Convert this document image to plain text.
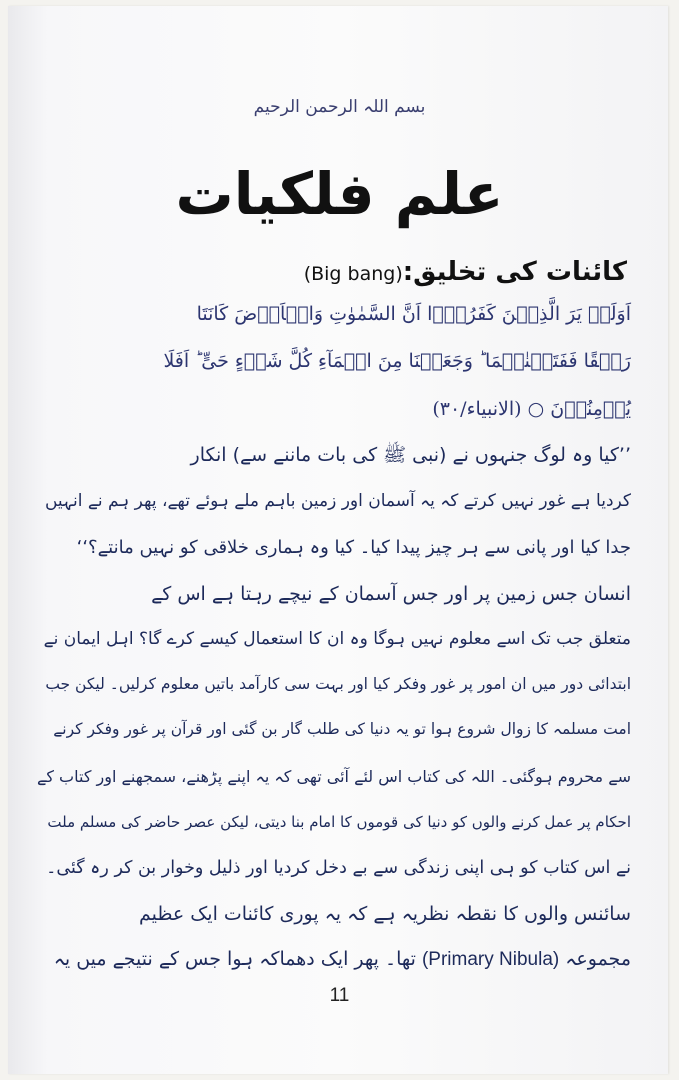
بسم اللہ الرحمن الرحیم
علم فلکیات
کائنات کی تخلیق:(Big bang)
اَوَلَمۡ یَرَ الَّذِیۡنَ کَفَرُوۡۤا اَنَّ السَّمٰوٰتِ وَالۡاَرۡضَ کَانَتَا
رَتۡقًا فَفَتَقۡنٰہُمَا ؕ وَجَعَلۡنَا مِنَ الۡمَآءِ کُلَّ شَیۡءٍ حَیٍّ ؕ اَفَلَا
یُؤۡمِنُوۡنَ ○ (الانبیاء/۳۰)
’’کیا وہ لوگ جنہوں نے (نبی ﷺ کی بات ماننے سے) انکار
کردیا ہے غور نہیں کرتے کہ یہ آسمان اور زمین باہم ملے ہوئے تھے، پھر ہم نے انہیں
جدا کیا اور پانی سے ہر چیز پیدا کیا۔ کیا وہ ہماری خلاقی کو نہیں مانتے؟‘‘
انسان جس زمین پر اور جس آسمان کے نیچے رہتا ہے اس کے
متعلق جب تک اسے معلوم نہیں ہوگا وہ ان کا استعمال کیسے کرے گا؟ اہل ایمان نے
ابتدائی دور میں ان امور پر غور وفکر کیا اور بہت سی کارآمد باتیں معلوم کرلیں۔ لیکن جب
امت مسلمہ کا زوال شروع ہوا تو یہ دنیا کی طلب گار بن گئی اور قرآن پر غور وفکر کرنے
سے محروم ہوگئی۔ اللہ کی کتاب اس لئے آئی تھی کہ یہ اپنے پڑھنے، سمجھنے اور کتاب کے
احکام پر عمل کرنے والوں کو دنیا کی قوموں کا امام بنا دیتی، لیکن عصر حاضر کی مسلم ملت
نے اس کتاب کو ہی اپنی زندگی سے بے دخل کردیا اور ذلیل وخوار بن کر رہ گئی۔
سائنس والوں کا نقطہ نظریہ ہے کہ یہ پوری کائنات ایک عظیم
مجموعہ (Primary Nibula) تھا۔ پھر ایک دھماکہ ہوا جس کے نتیجے میں یہ
11
